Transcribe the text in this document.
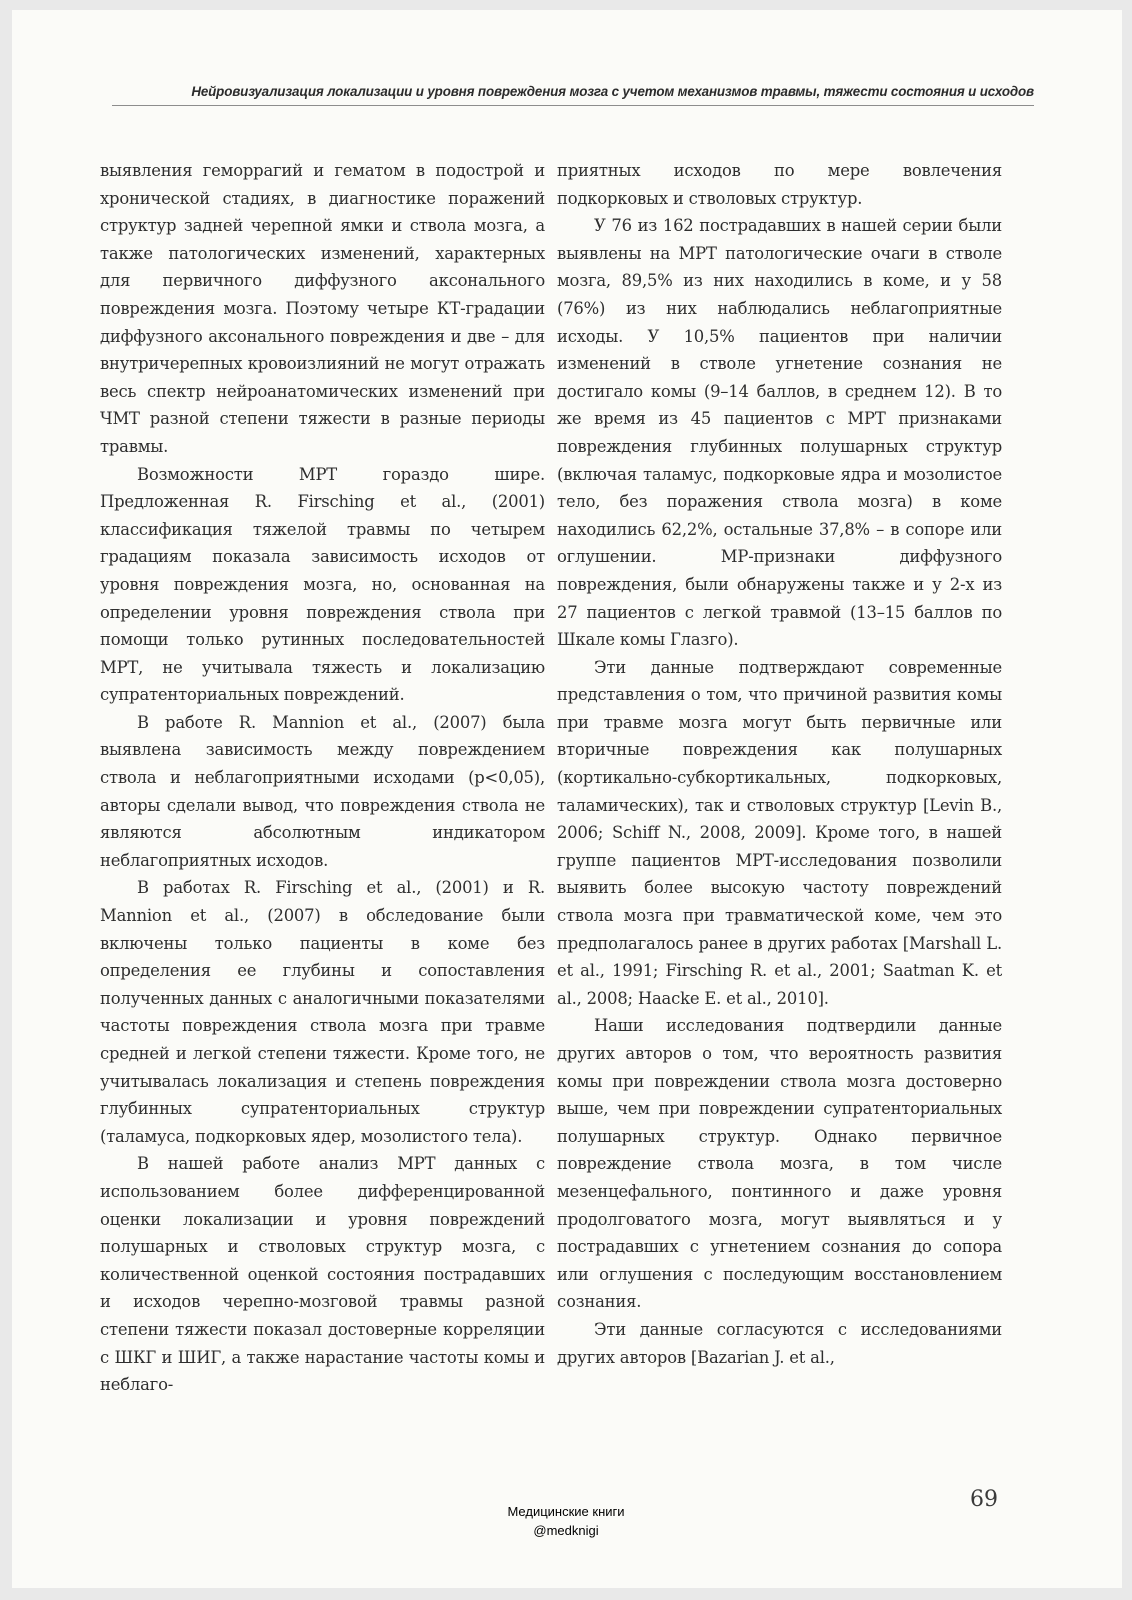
Нейровизуализация локализации и уровня повреждения мозга с учетом механизмов травмы, тяжести состояния и исходов

выявления геморрагий и гематом в подострой и хронической стадиях, в диагностике поражений структур задней черепной ямки и ствола мозга, а также патологических изменений, характерных для первичного диффузного аксонального повреждения мозга. Поэтому четыре КТ-градации диффузного аксонального повреждения и две – для внутричерепных кровоизлияний не могут отражать весь спектр нейроанатомических изменений при ЧМТ разной степени тяжести в разные периоды травмы.

Возможности МРТ гораздо шире. Предложенная R. Firsching et al., (2001) классификация тяжелой травмы по четырем градациям показала зависимость исходов от уровня повреждения мозга, но, основанная на определении уровня повреждения ствола при помощи только рутинных последовательностей МРТ, не учитывала тяжесть и локализацию супратенториальных повреждений.

В работе R. Mannion et al., (2007) была выявлена зависимость между повреждением ствола и неблагоприятными исходами (p<0,05), авторы сделали вывод, что повреждения ствола не являются абсолютным индикатором неблагоприятных исходов.

В работах R. Firsching et al., (2001) и R. Mannion et al., (2007) в обследование были включены только пациенты в коме без определения ее глубины и сопоставления полученных данных с аналогичными показателями частоты повреждения ствола мозга при травме средней и легкой степени тяжести. Кроме того, не учитывалась локализация и степень повреждения глубинных супратенториальных структур (таламуса, подкорковых ядер, мозолистого тела).

В нашей работе анализ МРТ данных с использованием более дифференцированной оценки локализации и уровня повреждений полушарных и стволовых структур мозга, с количественной оценкой состояния пострадавших и исходов черепно-мозговой травмы разной степени тяжести показал достоверные корреляции с ШКГ и ШИГ, а также нарастание частоты комы и неблаго-

приятных исходов по мере вовлечения подкорковых и стволовых структур.

У 76 из 162 пострадавших в нашей серии были выявлены на МРТ патологические очаги в стволе мозга, 89,5% из них находились в коме, и у 58 (76%) из них наблюдались неблагоприятные исходы. У 10,5% пациентов при наличии изменений в стволе угнетение сознания не достигало комы (9–14 баллов, в среднем 12). В то же время из 45 пациентов с МРТ признаками повреждения глубинных полушарных структур (включая таламус, подкорковые ядра и мозолистое тело, без поражения ствола мозга) в коме находились 62,2%, остальные 37,8% – в сопоре или оглушении. МР-признаки диффузного повреждения, были обнаружены также и у 2-х из 27 пациентов с легкой травмой (13–15 баллов по Шкале комы Глазго).

Эти данные подтверждают современные представления о том, что причиной развития комы при травме мозга могут быть первичные или вторичные повреждения как полушарных (кортикально-субкортикальных, подкорковых, таламических), так и стволовых структур [Levin B., 2006; Schiff N., 2008, 2009]. Кроме того, в нашей группе пациентов МРТ-исследования позволили выявить более высокую частоту повреждений ствола мозга при травматической коме, чем это предполагалось ранее в других работах [Marshall L. et al., 1991; Firsching R. et al., 2001; Saatman K. et al., 2008; Haacke E. et al., 2010].

Наши исследования подтвердили данные других авторов о том, что вероятность развития комы при повреждении ствола мозга достоверно выше, чем при повреждении супратенториальных полушарных структур. Однако первичное повреждение ствола мозга, в том числе мезенцефального, понтинного и даже уровня продолговатого мозга, могут выявляться и у пострадавших с угнетением сознания до сопора или оглушения с последующим восстановлением сознания.

Эти данные согласуются с исследованиями других авторов [Bazarian J. et al.,

69
Медицинские книги
@medknigi
